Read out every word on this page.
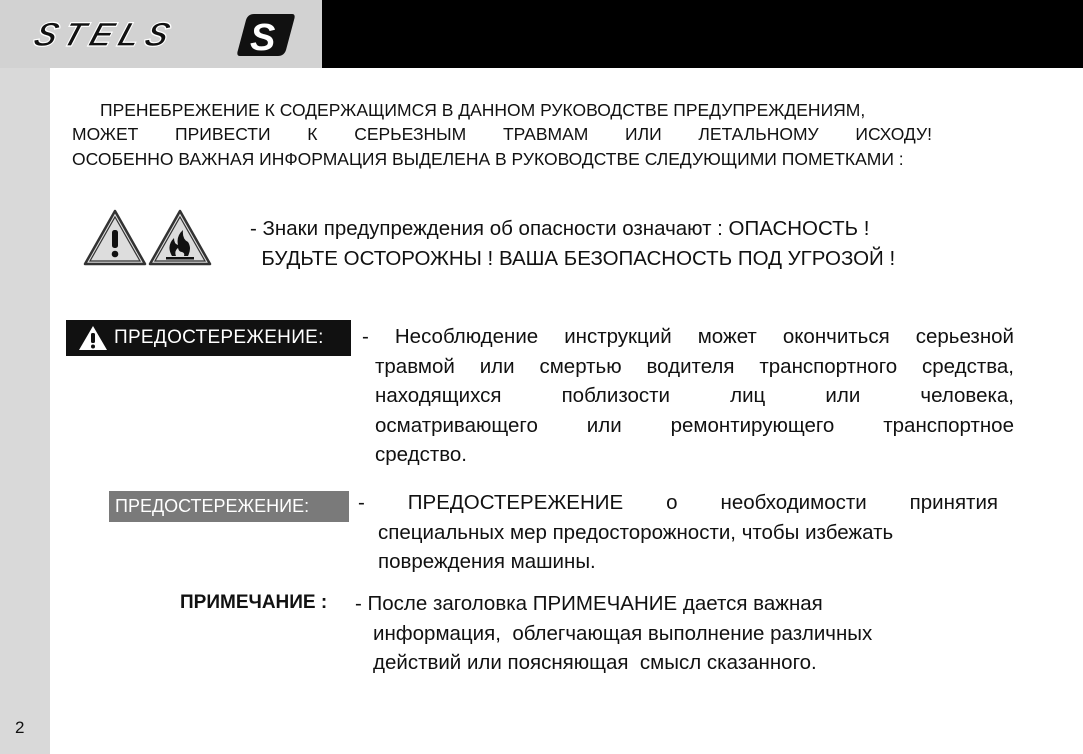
STELS S
2
ПРЕНЕБРЕЖЕНИЕ К СОДЕРЖАЩИМСЯ В ДАННОМ РУКОВОДСТВЕ ПРЕДУПРЕЖДЕНИЯМ,
МОЖЕТ ПРИВЕСТИ К СЕРЬЕЗНЫМ ТРАВМАМ ИЛИ ЛЕТАЛЬНОМУ ИСХОДУ!
ОСОБЕННО ВАЖНАЯ ИНФОРМАЦИЯ ВЫДЕЛЕНА В РУКОВОДСТВЕ СЛЕДУЮЩИМИ ПОМЕТКАМИ :
- Знаки предупреждения об опасности означают : ОПАСНОСТЬ !
БУДЬТЕ ОСТОРОЖНЫ ! ВАША БЕЗОПАСНОСТЬ ПОД УГРОЗОЙ !
ПРЕДОСТЕРЕЖЕНИЕ: - Несоблюдение инструкций может окончиться серьезной
травмой или смертью водителя транспортного средства,
находящихся поблизости лиц или человека,
осматривающего или ремонтирующего транспортное
средство.
ПРЕДОСТЕРЕЖЕНИЕ:	- ПРЕДОСТЕРЕЖЕНИЕ о необходимости принятия
специальных мер предосторожности, чтобы избежать
повреждения машины.
ПРИМЕЧАНИЕ : - После заголовка ПРИМЕЧАНИЕ дается важная
информация,  облегчающая выполнение различных
действий или поясняющая  смысл сказанного.
